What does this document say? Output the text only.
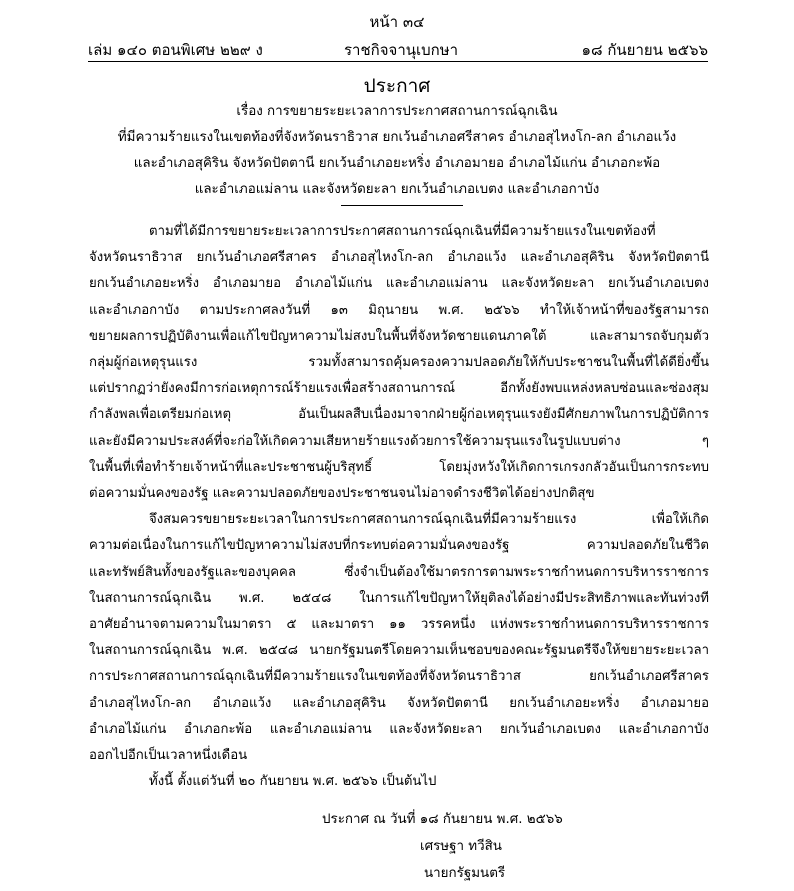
หน้า ๓๔
เล่ม ๑๔๐ ตอนพิเศษ ๒๒๙ ง	ราชกิจจานุเบกษา	๑๘ กันยายน ๒๕๖๖
ประกาศ
เรื่อง การขยายระยะเวลาการประกาศสถานการณ์ฉุกเฉิน
ที่มีความร้ายแรงในเขตท้องที่จังหวัดนราธิวาส ยกเว้นอำเภอศรีสาคร อำเภอสุไหงโก-ลก อำเภอแว้ง
และอำเภอสุคิริน จังหวัดปัตตานี ยกเว้นอำเภอยะหริ่ง อำเภอมายอ อำเภอไม้แก่น อำเภอกะพ้อ
และอำเภอแม่ลาน และจังหวัดยะลา ยกเว้นอำเภอเบตง และอำเภอกาบัง
ตามที่ได้มีการขยายระยะเวลาการประกาศสถานการณ์ฉุกเฉินที่มีความร้ายแรงในเขตท้องที่
จังหวัดนราธิวาส ยกเว้นอำเภอศรีสาคร อำเภอสุไหงโก-ลก อำเภอแว้ง และอำเภอสุคิริน จังหวัดปัตตานี
ยกเว้นอำเภอยะหริ่ง อำเภอมายอ อำเภอไม้แก่น และอำเภอแม่ลาน และจังหวัดยะลา ยกเว้นอำเภอเบตง
และอำเภอกาบัง ตามประกาศลงวันที่ ๑๓ มิถุนายน พ.ศ. ๒๕๖๖ ทำให้เจ้าหน้าที่ของรัฐสามารถ
ขยายผลการปฏิบัติงานเพื่อแก้ไขปัญหาความไม่สงบในพื้นที่จังหวัดชายแดนภาคใต้ และสามารถจับกุมตัว
กลุ่มผู้ก่อเหตุรุนแรง รวมทั้งสามารถคุ้มครองความปลอดภัยให้กับประชาชนในพื้นที่ได้ดียิ่งขึ้น
แต่ปรากฏว่ายังคงมีการก่อเหตุการณ์ร้ายแรงเพื่อสร้างสถานการณ์ อีกทั้งยังพบแหล่งหลบซ่อนและซ่องสุม
กำลังพลเพื่อเตรียมก่อเหตุ อันเป็นผลสืบเนื่องมาจากฝ่ายผู้ก่อเหตุรุนแรงยังมีศักยภาพในการปฏิบัติการ
และยังมีความประสงค์ที่จะก่อให้เกิดความเสียหายร้ายแรงด้วยการใช้ความรุนแรงในรูปแบบต่าง ๆ
ในพื้นที่เพื่อทำร้ายเจ้าหน้าที่และประชาชนผู้บริสุทธิ์ โดยมุ่งหวังให้เกิดการเกรงกลัวอันเป็นการกระทบ
ต่อความมั่นคงของรัฐ และความปลอดภัยของประชาชนจนไม่อาจดำรงชีวิตได้อย่างปกติสุข
จึงสมควรขยายระยะเวลาในการประกาศสถานการณ์ฉุกเฉินที่มีความร้ายแรง เพื่อให้เกิด
ความต่อเนื่องในการแก้ไขปัญหาความไม่สงบที่กระทบต่อความมั่นคงของรัฐ ความปลอดภัยในชีวิต
และทรัพย์สินทั้งของรัฐและของบุคคล ซึ่งจำเป็นต้องใช้มาตรการตามพระราชกำหนดการบริหารราชการ
ในสถานการณ์ฉุกเฉิน พ.ศ. ๒๕๔๘ ในการแก้ไขปัญหาให้ยุติลงได้อย่างมีประสิทธิภาพและทันท่วงที
อาศัยอำนาจตามความในมาตรา ๕ และมาตรา ๑๑ วรรคหนึ่ง แห่งพระราชกำหนดการบริหารราชการ
ในสถานการณ์ฉุกเฉิน พ.ศ. ๒๕๔๘ นายกรัฐมนตรีโดยความเห็นชอบของคณะรัฐมนตรีจึงให้ขยายระยะเวลา
การประกาศสถานการณ์ฉุกเฉินที่มีความร้ายแรงในเขตท้องที่จังหวัดนราธิวาส ยกเว้นอำเภอศรีสาคร
อำเภอสุไหงโก-ลก อำเภอแว้ง และอำเภอสุคิริน จังหวัดปัตตานี ยกเว้นอำเภอยะหริ่ง อำเภอมายอ
อำเภอไม้แก่น อำเภอกะพ้อ และอำเภอแม่ลาน และจังหวัดยะลา ยกเว้นอำเภอเบตง และอำเภอกาบัง
ออกไปอีกเป็นเวลาหนึ่งเดือน
ทั้งนี้ ตั้งแต่วันที่ ๒๐ กันยายน พ.ศ. ๒๕๖๖ เป็นต้นไป
ประกาศ ณ วันที่ ๑๘ กันยายน พ.ศ. ๒๕๖๖
เศรษฐา ทวีสิน
นายกรัฐมนตรี
